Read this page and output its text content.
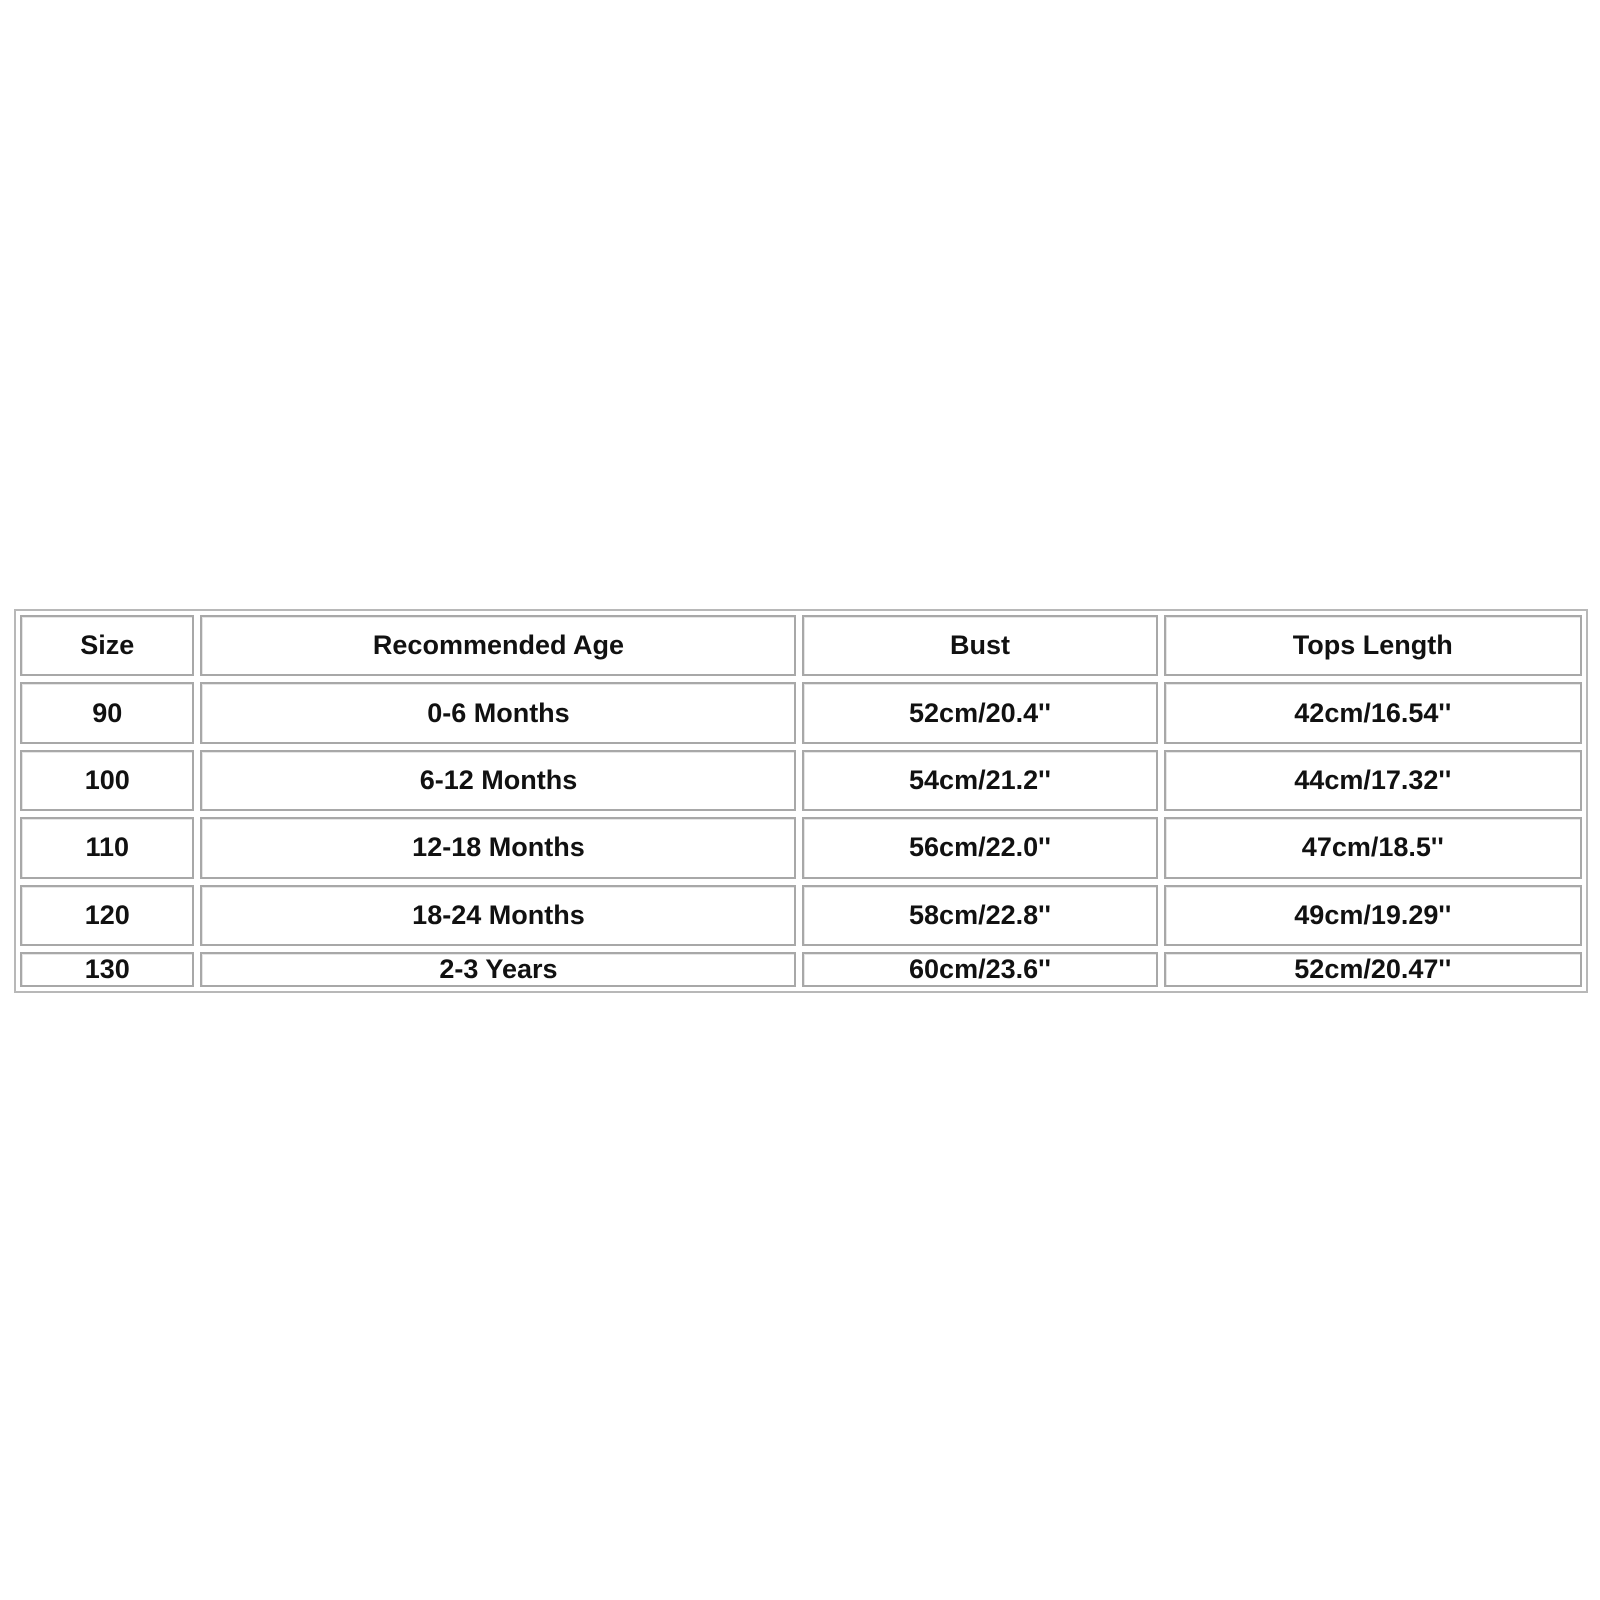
Size	Recommended Age	Bust	Tops Length
90	0-6 Months	52cm/20.4''	42cm/16.54''
100	6-12 Months	54cm/21.2''	44cm/17.32''
110	12-18 Months	56cm/22.0''	47cm/18.5''
120	18-24 Months	58cm/22.8''	49cm/19.29''
130	2-3 Years	60cm/23.6''	52cm/20.47''
